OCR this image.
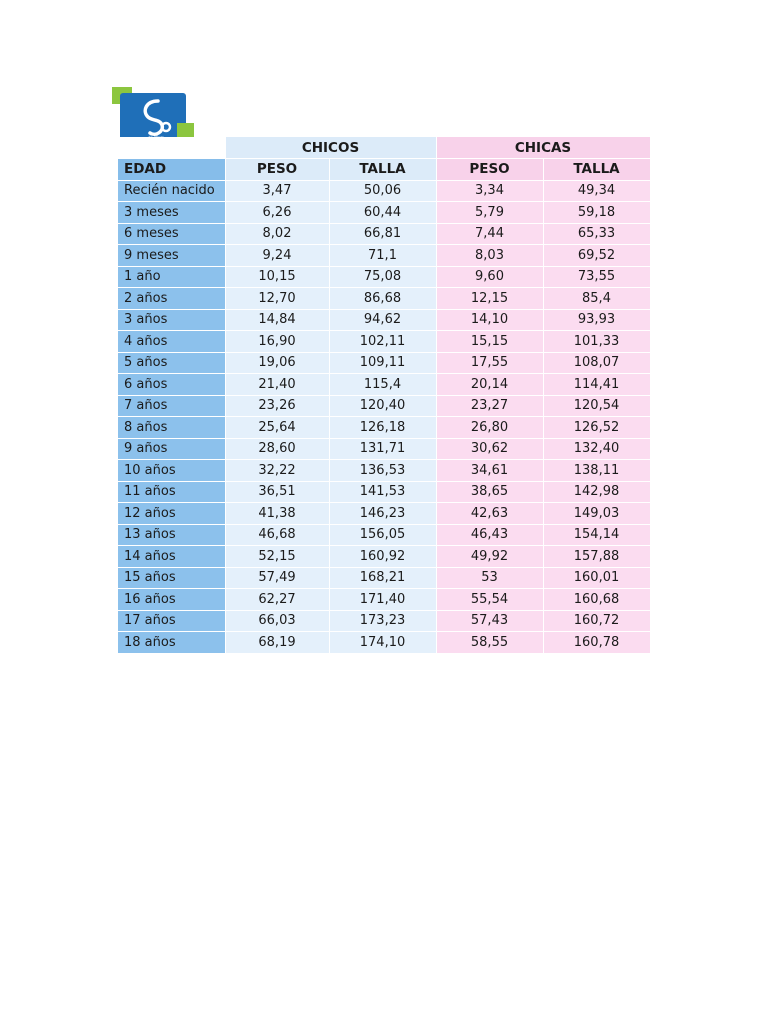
	CHICOS		CHICAS	
EDAD	PESO	TALLA	PESO	TALLA
Recién nacido	3,47	50,06	3,34	49,34
3 meses	6,26	60,44	5,79	59,18
6 meses	8,02	66,81	7,44	65,33
9 meses	9,24	71,1	8,03	69,52
1 año	10,15	75,08	9,60	73,55
2 años	12,70	86,68	12,15	85,4
3 años	14,84	94,62	14,10	93,93
4 años	16,90	102,11	15,15	101,33
5 años	19,06	109,11	17,55	108,07
6 años	21,40	115,4	20,14	114,41
7 años	23,26	120,40	23,27	120,54
8 años	25,64	126,18	26,80	126,52
9 años	28,60	131,71	30,62	132,40
10 años	32,22	136,53	34,61	138,11
11 años	36,51	141,53	38,65	142,98
12 años	41,38	146,23	42,63	149,03
13 años	46,68	156,05	46,43	154,14
14 años	52,15	160,92	49,92	157,88
15 años	57,49	168,21	53	160,01
16 años	62,27	171,40	55,54	160,68
17 años	66,03	173,23	57,43	160,72
18 años	68,19	174,10	58,55	160,78
